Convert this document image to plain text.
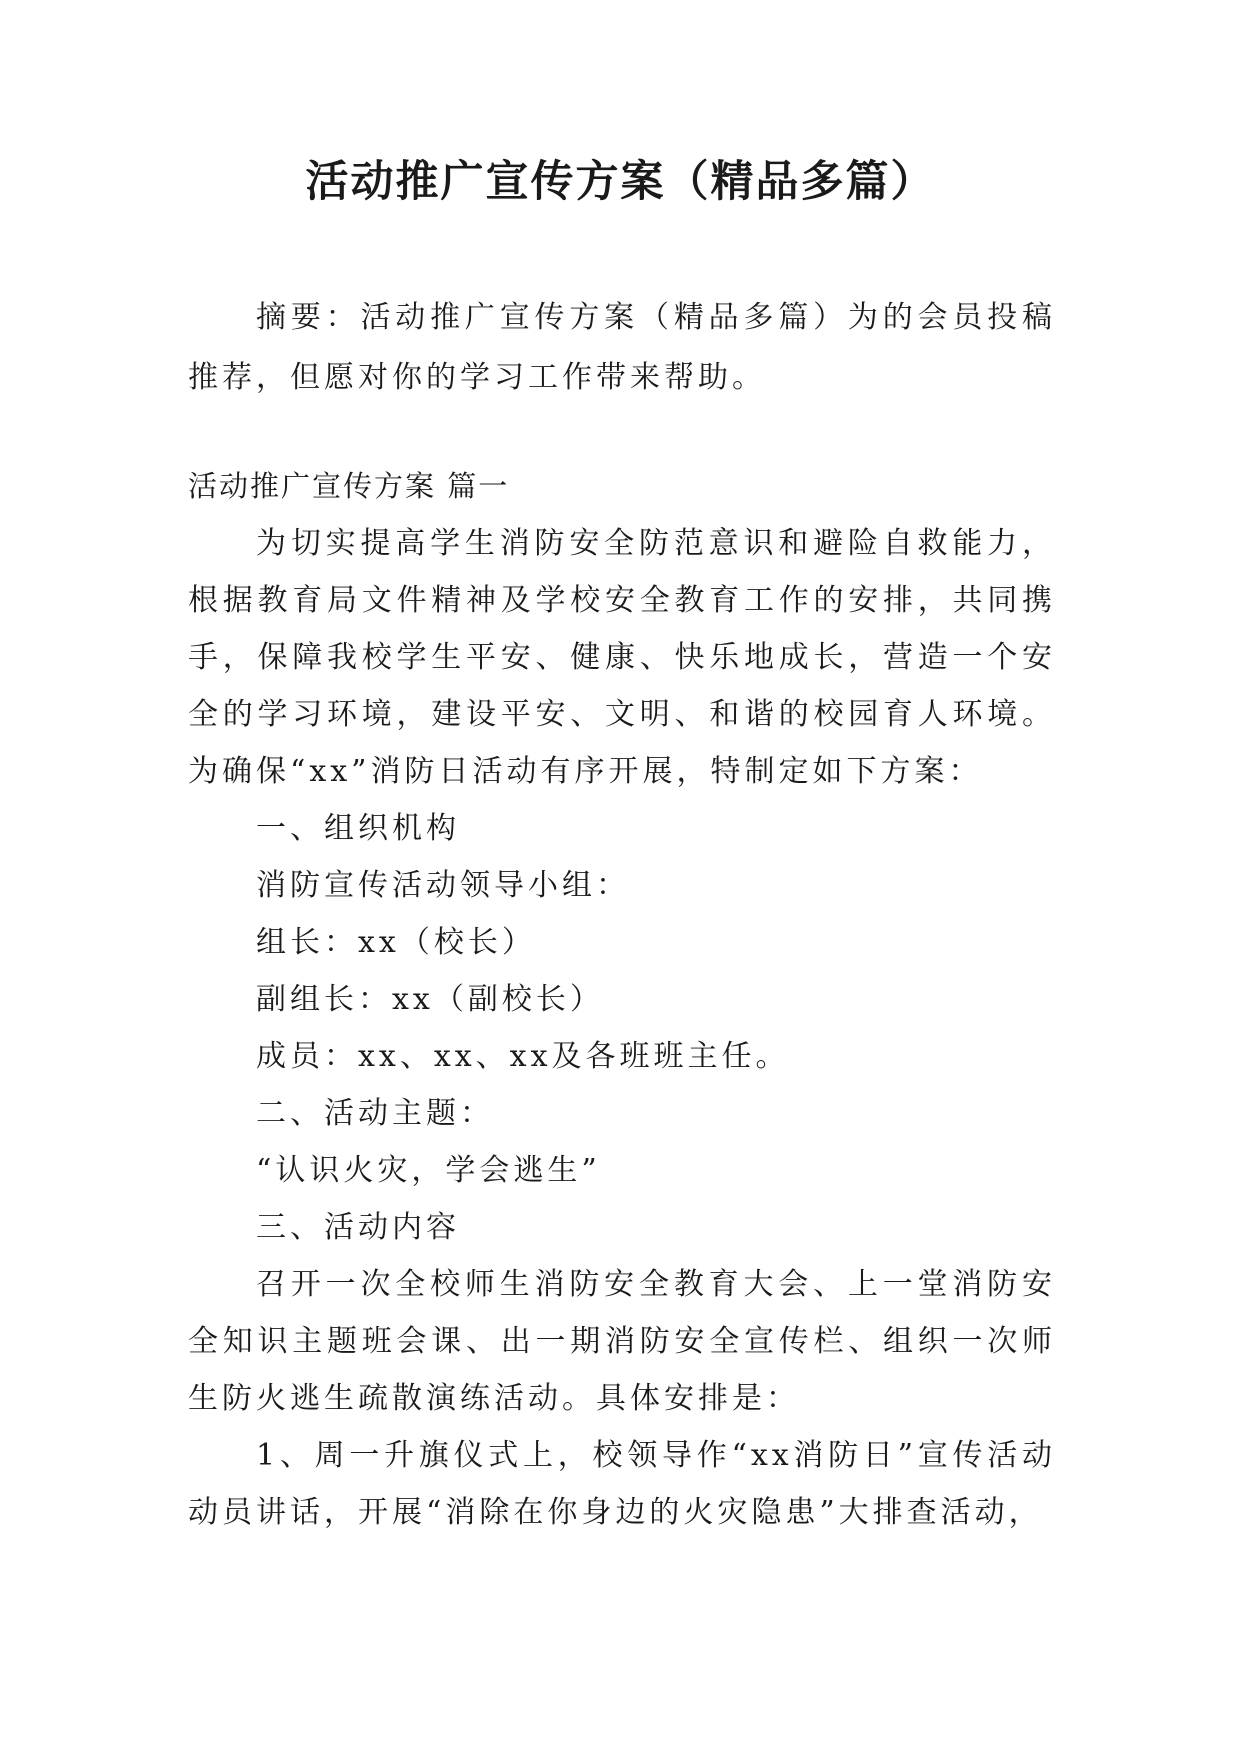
活动推广宣传方案（精品多篇）

摘要：活动推广宣传方案（精品多篇）为的会员投稿推荐，但愿对你的学习工作带来帮助。

活动推广宣传方案 篇一

为切实提高学生消防安全防范意识和避险自救能力，根据教育局文件精神及学校安全教育工作的安排，共同携手，保障我校学生平安、健康、快乐地成长，营造一个安全的学习环境，建设平安、文明、和谐的校园育人环境。为确保“xx”消防日活动有序开展，特制定如下方案：

一、组织机构

消防宣传活动领导小组：

组长：xx（校长）

副组长：xx（副校长）

成员：xx、xx、xx及各班班主任。

二、活动主题：

“认识火灾，学会逃生”

三、活动内容

召开一次全校师生消防安全教育大会、上一堂消防安全知识主题班会课、出一期消防安全宣传栏、组织一次师生防火逃生疏散演练活动。具体安排是：

1、周一升旗仪式上，校领导作“xx消防日”宣传活动动员讲话，开展“消除在你身边的火灾隐患”大排查活动，
